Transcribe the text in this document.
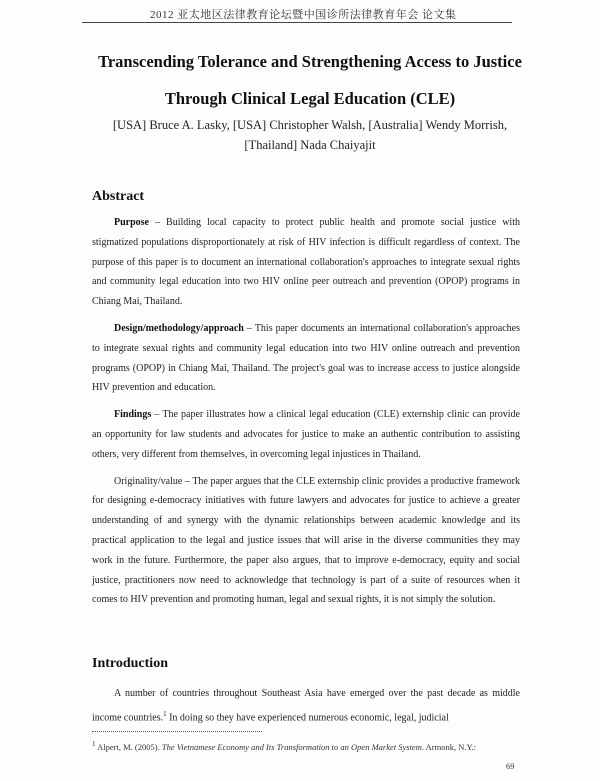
2012 亚太地区法律教育论坛暨中国诊所法律教育年会 论文集
Transcending Tolerance and Strengthening Access to Justice
Through Clinical Legal Education (CLE)
[USA] Bruce A. Lasky, [USA] Christopher Walsh, [Australia] Wendy Morrish,
[Thailand] Nada Chaiyajit
Abstract

Purpose – Building local capacity to protect public health and promote social justice with stigmatized populations disproportionately at risk of HIV infection is difficult regardless of context. The purpose of this paper is to document an international collaboration's approaches to integrate sexual rights and community legal education into two HIV online peer outreach and prevention (OPOP) programs in Chiang Mai, Thailand.

Design/methodology/approach – This paper documents an international collaboration's approaches to integrate sexual rights and community legal education into two HIV online outreach and prevention programs (OPOP) in Chiang Mai, Thailand. The project's goal was to increase access to justice alongside HIV prevention and education.

Findings – The paper illustrates how a clinical legal education (CLE) externship clinic can provide an opportunity for law students and advocates for justice to make an authentic contribution to assisting others, very different from themselves, in overcoming legal injustices in Thailand.

Originality/value – The paper argues that the CLE externship clinic provides a productive framework for designing e-democracy initiatives with future lawyers and advocates for justice to achieve a greater understanding of and synergy with the dynamic relationships between academic knowledge and its practical application to the legal and justice issues that will arise in the diverse communities they may work in the future. Furthermore, the paper also argues, that to improve e-democracy, equity and social justice, practitioners now need to acknowledge that technology is part of a suite of resources when it comes to HIV prevention and promoting human, legal and sexual rights, it is not simply the solution.

Introduction

A number of countries throughout Southeast Asia have emerged over the past decade as middle income countries.$^1$ In doing so they have experienced numerous economic, legal, judicial

$^1$ Alpert, M. (2005). The Vietnamese Economy and Its Transformation to an Open Market System. Armonk, N.Y.:
69
